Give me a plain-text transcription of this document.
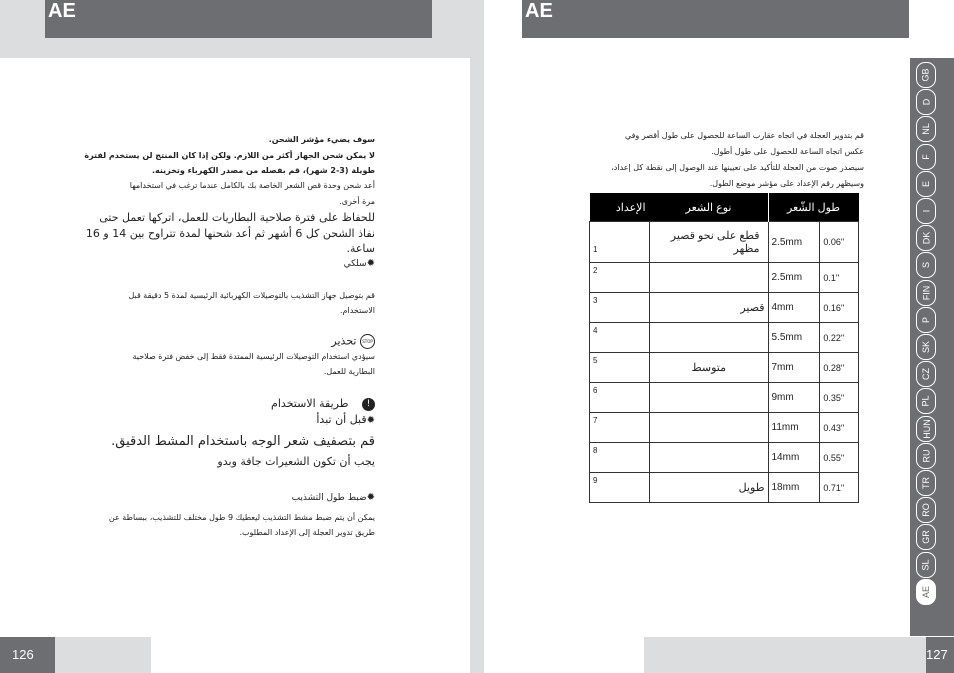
AE
سوف يضيء مؤشر الشحن.
لا يمكن شحن الجهاز أكثر من اللازم. ولكن إذا كان المنتج لن يستخدم لفترة
طويلة (3-2 شهر)، قم بفصله من مصدر الكهرباء وتخزينه.
أعد شحن وحدة قص الشعر الخاصة بك بالكامل عندما ترغب في استخدامها
مرة أخرى.
للحفاظ على فترة صلاحية البطاريات للعمل، اتركها تعمل حتى
نفاذ الشحن كل 6 أشهر ثم أعد شحنها لمدة تتراوح بين 14 و 16
ساعة.
✹سلكي
قم بتوصيل جهاز التشذيب بالتوصيلات الكهربائية الرئيسية لمدة 5 دقيقة قبل
الاستخدام.
STOP تحذير
سيؤدي استخدام التوصيلات الرئيسية الممتدة فقط إلى خفض فترة صلاحية
البطارية للعمل.
! طريقة الاستخدام
✹قبل أن تبدأ
قم بتصفيف شعر الوجه باستخدام المشط الدقيق.
يجب أن تكون الشعيرات جافة وبدو
✹ضبط طول التشذيب
يمكن أن يتم ضبط مشط التشذيب ليعطيك 9 طول مختلف للتشذيب، ببساطة عن
طريق تدوير العجلة إلى الإعداد المطلوب.
126
AE
قم بتدوير العجلة في اتجاه عقارب الساعة للحصول على طول أقصر وفي
عكس اتجاه الساعة للحصول على طول أطول.
سيصدر صوت من العجلة للتأكيد على تعيينها عند الوصول إلى نقطة كل إعداد،
وسيظهر رقم الإعداد على مؤشر موضع الطول.
الإعداد	نوع الشعر	طول الشّعر	
1	قطع على نحو قصير مظهر	2.5mm	0.06''
2		2.5mm	0.1''
3	قصير	4mm	0.16''
4		5.5mm	0.22''
5	متوسط	7mm	0.28''
6		9mm	0.35''
7		11mm	0.43''
8		14mm	0.55''
9	طويل	18mm	0.71''
GB
D
NL
F
E
I
DK
S
FIN
P
SK
CZ
PL
HUN
RU
TR
RO
GR
SL
AE
127
